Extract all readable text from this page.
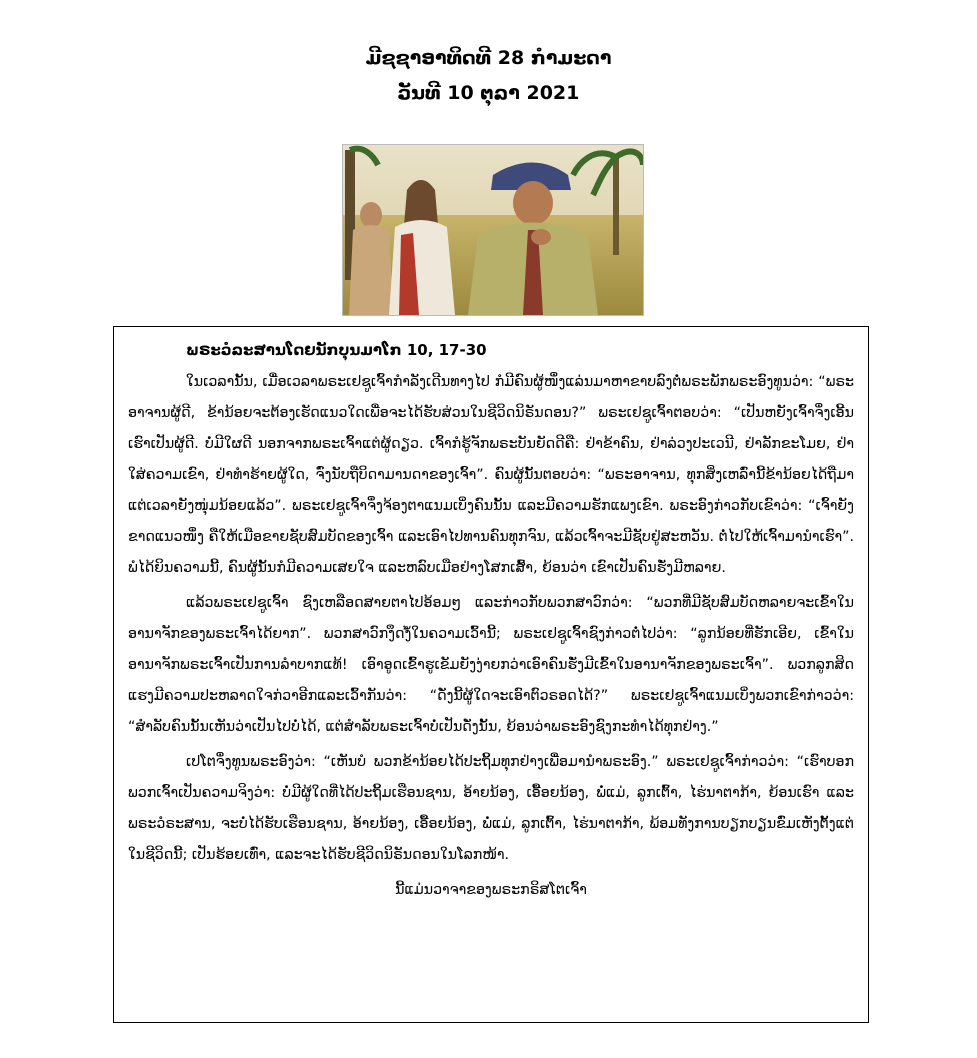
ມີຊຊາອາທິດທີ 28 ກຳມະດາ
ວັນທີ 10 ຕຸລາ 2021
ພຣະວໍລະສານໂດຍນັກບຸນມາໂກ 10, 17-30

ໃນເວລານັ້ນ, ເມື່ອເວລາພຣະເຢຊູເຈົ້າກຳລັງເດີນທາງໄປ ກໍມີຄົນຜູ້ໜຶ່ງແລ່ນມາຫາຂາບລົງຕໍ່ພຣະພັກພຣະອົງທູນວ່າ: “ພຣະອາຈານຜູ້ດີ, ຂ້ານ້ອຍຈະຕ້ອງເຮັດແນວໃດເພື່ອຈະໄດ້ຮັບສ່ວນໃນຊີວິດນິຣັນດອນ?” ພຣະເຢຊູເຈົ້າຕອບວ່າ: “ເປັນຫຍັງເຈົ້າຈຶ່ງເອີ້ນເຮົາເປັນຜູ້ດີ. ບໍ່ມີໃຜດີ ນອກຈາກພຣະເຈົ້າແຕ່ຜູ້ດຽວ. ເຈົ້າກໍຮູ້ຈັກພຣະບັນຍັດດີຄື: ຢ່າຂ້າຄົນ, ຢ່າລ່ວງປະເວນີ, ຢ່າລັກຂະໂມຍ, ຢ່າໃສ່ຄວາມເຂົາ, ຢ່າທຳຮ້າຍຜູ້ໃດ, ຈົ່ງນັບຖືບິດາມານດາຂອງເຈົ້າ”. ຄົນຜູ້ນັ້ນຕອບວ່າ: “ພຣະອາຈານ, ທຸກສິ່ງເຫລົ່ານີ້ຂ້ານ້ອຍໄດ້ຖືມາແຕ່ເວລາຍັງໜຸ່ມນ້ອຍແລ້ວ”. ພຣະເຢຊູເຈົ້າຈຶ່ງຈ້ອງຕາແນມເບິ່ງຄົນນັ້ນ ແລະມີຄວາມຮັກແພງເຂົາ. ພຣະອົງກ່າວກັບເຂົາວ່າ: “ເຈົ້າຍັງຂາດແນວໜຶ່ງ ຄືໃຫ້ເມືອຂາຍຊັບສົມບັດຂອງເຈົ້າ ແລະເອົາໄປທານຄົນທຸກຈົນ, ແລ້ວເຈົ້າຈະມີຊັບຢູ່ສະຫວັນ. ຕໍ່ໄປໃຫ້ເຈົ້າມານຳເຮົາ”. ພໍໄດ້ຍິນຄວາມນີ້, ຄົນຜູ້ນັ້ນກໍມີຄວາມເສຍໃຈ ແລະຫລົບເມືອຢ່າງໂສກເສົ້າ, ຍ້ອນວ່າ ເຂົາເປັນຄົນຮັ່ງມີຫລາຍ.

ແລ້ວພຣະເຢຊູເຈົ້າ ຊົງເຫລືອດສາຍຕາໄປອ້ອມໆ ແລະກ່າວກັບພວກສາວົກວ່າ: “ພວກທີ່ມີຊັບສົມບັດຫລາຍຈະເຂົ້າໃນອານາຈັກຂອງພຣະເຈົ້າໄດ້ຍາກ”. ພວກສາວົກງຶດງໍ້ໃນຄວາມເວົ້ານີ້; ພຣະເຢຊູເຈົ້າຊົງກ່າວຕໍ່ໄປວ່າ: “ລູກນ້ອຍທີ່ຮັກເອີຍ, ເຂົ້າໃນອານາຈັກພຣະເຈົ້າເປັນການລຳບາກແທ້! ເອົາອູດເຂົ້າຮູເຂັມຍັງງ່າຍກວ່າເອົາຄົນຮັ່ງມີເຂົ້າໃນອານາຈັກຂອງພຣະເຈົ້າ”. ພວກລູກສິດແຮງມີຄວາມປະຫລາດໃຈກ່ວາອີກແລະເວົ້າກັນວ່າ: “ດັ່ງນີ້ຜູ້ໃດຈະເອົາຕົວຣອດໄດ້?” ພຣະເຢຊູເຈົ້າແນມເບິ່ງພວກເຂົາກ່າວວ່າ: “ສຳລັບຄົນນັ້ນເຫັນວ່າເປັນໄປບໍ່ໄດ້, ແຕ່ສຳລັບພຣະເຈົ້າບໍ່ເປັນດັ່ງນັ້ນ, ຍ້ອນວ່າພຣະອົງຊົງກະທຳໄດ້ທຸກຢ່າງ.”

ເປໂຕຈຶ່ງທູນພຣະອົງວ່າ: “ເຫັນບໍ ພວກຂ້ານ້ອຍໄດ້ປະຖິ້ມທຸກຢ່າງເພື່ອມານຳພຣະອົງ.” ພຣະເຢຊູເຈົ້າກ່າວວ່າ: “ເຮົາບອກພວກເຈົ້າເປັນຄວາມຈິງວ່າ: ບໍ່ມີຜູ້ໃດທີ່ໄດ້ປະຖິ້ມເຮືອນຊານ, ອ້າຍນ້ອງ, ເອື້ອຍນ້ອງ, ພໍ່ແມ່, ລູກເຕົ້າ, ໄຮ່ນາຕາກ້າ, ຍ້ອນເຮົາ ແລະພຣະວໍຣະສານ, ຈະບໍ່ໄດ້ຮັບເຮືອນຊານ, ອ້າຍນ້ອງ, ເອື້ອຍນ້ອງ, ພໍ່ແມ່, ລູກເຕົ້າ, ໄຮ່ນາຕາກ້າ, ພ້ອມທັງການບຽກບຽນຂົ່ມເຫັງຕັ້ງແຕ່ໃນຊີວິດນີ້; ເປັນຮ້ອຍເທົ່າ, ແລະຈະໄດ້ຮັບຊີວິດນິຣັນດອນໃນໂລກໜ້າ.

ນີ້ແມ່ນວາຈາຂອງພຣະກຣິສໂຕເຈົ້າ
